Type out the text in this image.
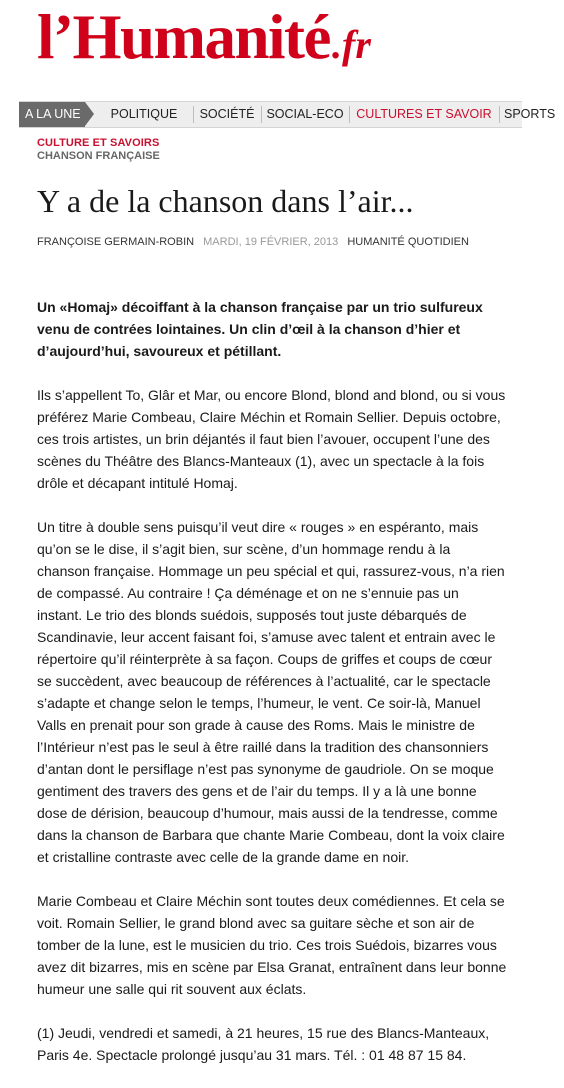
l’Humanité.fr
A LA UNE	POLITIQUE	SOCIÉTÉ SOCIAL-ECO	CULTURES ET SAVOIR SPORTS
CULTURE ET SAVOIRS
CHANSON FRANÇAISE
Y a de la chanson dans l’air...
FRANÇOISE GERMAIN-ROBIN MARDI, 19 FÉVRIER, 2013 HUMANITÉ QUOTIDIEN

Un «Homaj» décoiffant à la chanson française par un trio sulfureux venu de contrées lointaines. Un clin d’œil à la chanson d’hier et d’aujourd’hui, savoureux et pétillant.

Ils s’appellent To, Glâr et Mar, ou encore Blond, blond and blond, ou si vous préférez Marie Combeau, Claire Méchin et Romain Sellier. Depuis octobre, ces trois artistes, un brin déjantés il faut bien l’avouer, occupent l’une des scènes du Théâtre des Blancs-Manteaux (1), avec un spectacle à la fois drôle et décapant intitulé Homaj.

Un titre à double sens puisqu’il veut dire « rouges » en espéranto, mais qu’on se le dise, il s’agit bien, sur scène, d’un hommage rendu à la chanson française. Hommage un peu spécial et qui, rassurez-vous, n’a rien de compassé. Au contraire ! Ça déménage et on ne s’ennuie pas un instant. Le trio des blonds suédois, supposés tout juste débarqués de Scandinavie, leur accent faisant foi, s’amuse avec talent et entrain avec le répertoire qu’il réinterprète à sa façon. Coups de griffes et coups de cœur se succèdent, avec beaucoup de références à l’actualité, car le spectacle s’adapte et change selon le temps, l’humeur, le vent. Ce soir-là, Manuel Valls en prenait pour son grade à cause des Roms. Mais le ministre de l’Intérieur n’est pas le seul à être raillé dans la tradition des chansonniers d’antan dont le persiflage n’est pas synonyme de gaudriole. On se moque gentiment des travers des gens et de l’air du temps. Il y a là une bonne dose de dérision, beaucoup d’humour, mais aussi de la tendresse, comme dans la chanson de Barbara que chante Marie Combeau, dont la voix claire et cristalline contraste avec celle de la grande dame en noir.

Marie Combeau et Claire Méchin sont toutes deux comédiennes. Et cela se voit. Romain Sellier, le grand blond avec sa guitare sèche et son air de tomber de la lune, est le musicien du trio. Ces trois Suédois, bizarres vous avez dit bizarres, mis en scène par Elsa Granat, entraînent dans leur bonne humeur une salle qui rit souvent aux éclats.

(1) Jeudi, vendredi et samedi, à 21 heures, 15 rue des Blancs-Manteaux, Paris 4e. Spectacle prolongé jusqu’au 31 mars. Tél. : 01 48 87 15 84.
